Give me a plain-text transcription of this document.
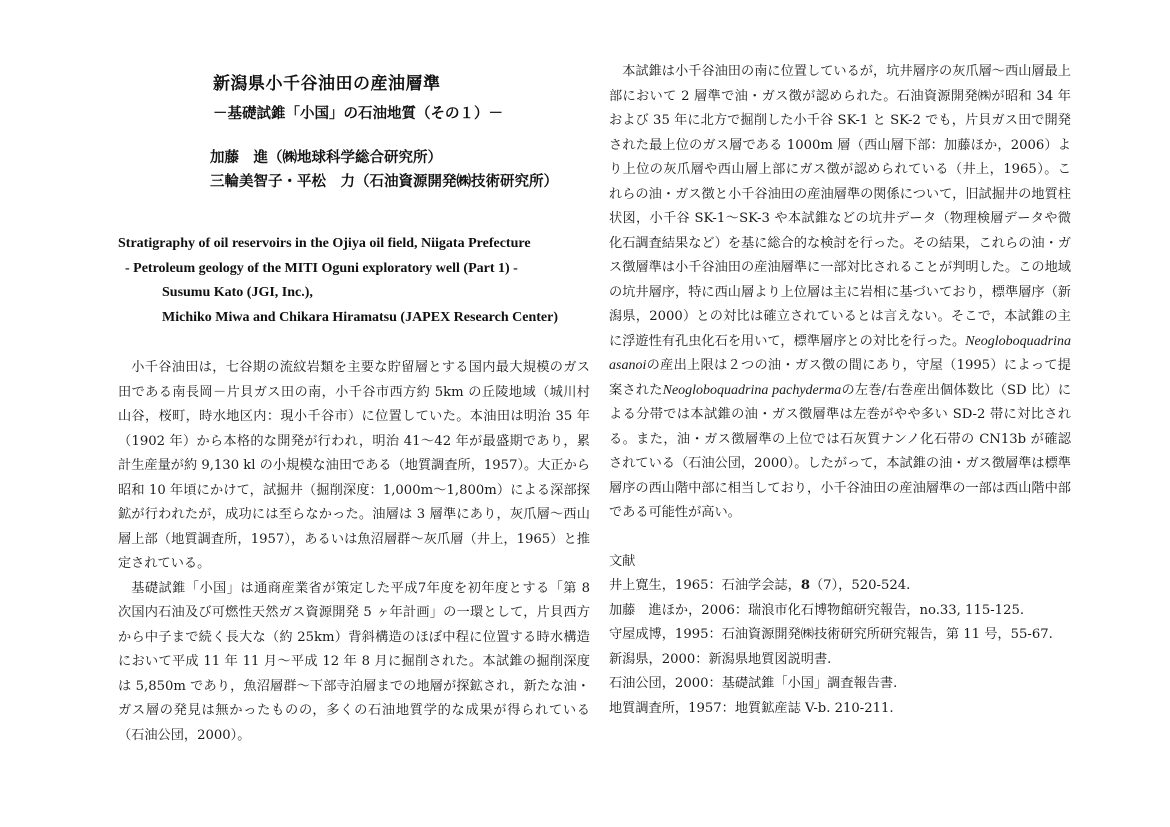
新潟県小千谷油田の産油層準
－基礎試錐「小国」の石油地質（その１）－
加藤　進（㈱地球科学総合研究所）
三輪美智子・平松　力（石油資源開発㈱技術研究所）
Stratigraphy of oil reservoirs in the Ojiya oil field, Niigata Prefecture
- Petroleum geology of the MITI Oguni exploratory well (Part 1) -
Susumu Kato (JGI, Inc.),
Michiko Miwa and Chikara Hiramatsu (JAPEX Research Center)

小千谷油田は，七谷期の流紋岩類を主要な貯留層とする国内最大規模のガス田である南長岡－片貝ガス田の南，小千谷市西方約 5km の丘陵地域（城川村山谷，桜町，時水地区内：現小千谷市）に位置していた。本油田は明治 35 年（1902 年）から本格的な開発が行われ，明治 41～42 年が最盛期であり，累計生産量が約 9,130 kl の小規模な油田である（地質調査所，1957）。大正から昭和 10 年頃にかけて，試掘井（掘削深度：1,000m～1,800m）による深部探鉱が行われたが，成功には至らなかった。油層は 3 層準にあり，灰爪層～西山層上部（地質調査所，1957），あるいは魚沼層群～灰爪層（井上，1965）と推定されている。

基礎試錐「小国」は通商産業省が策定した平成7年度を初年度とする「第 8 次国内石油及び可燃性天然ガス資源開発 5 ヶ年計画」の一環として，片貝西方から中子まで続く長大な（約 25km）背斜構造のほぼ中程に位置する時水構造において平成 11 年 11 月～平成 12 年 8 月に掘削された。本試錐の掘削深度は 5,850m であり，魚沼層群～下部寺泊層までの地層が探鉱され，新たな油・ガス層の発見は無かったものの，多くの石油地質学的な成果が得られている（石油公団，2000）。

本試錐は小千谷油田の南に位置しているが，坑井層序の灰爪層～西山層最上部において 2 層準で油・ガス徴が認められた。石油資源開発㈱が昭和 34 年および 35 年に北方で掘削した小千谷 SK-1 と SK-2 でも，片貝ガス田で開発された最上位のガス層である 1000m 層（西山層下部：加藤ほか，2006）より上位の灰爪層や西山層上部にガス徴が認められている（井上，1965）。これらの油・ガス徴と小千谷油田の産油層準の関係について，旧試掘井の地質柱状図，小千谷 SK-1～SK-3 や本試錐などの坑井データ（物理検層データや微化石調査結果など）を基に総合的な検討を行った。その結果，これらの油・ガス徴層準は小千谷油田の産油層準に一部対比されることが判明した。この地域の坑井層序，特に西山層より上位層は主に岩相に基づいており，標準層序（新潟県，2000）との対比は確立されているとは言えない。そこで，本試錐の主に浮遊性有孔虫化石を用いて，標準層序との対比を行った。Neogloboquadrina asanoiの産出上限は２つの油・ガス徴の間にあり，守屋（1995）によって提案されたNeogloboquadrina pachydermaの左巻/右巻産出個体数比（SD 比）による分帯では本試錐の油・ガス徴層準は左巻がやや多い SD-2 帯に対比される。また，油・ガス徴層準の上位では石灰質ナンノ化石帯の CN13b が確認されている（石油公団，2000）。したがって，本試錐の油・ガス徴層準は標準層序の西山階中部に相当しており，小千谷油田の産油層準の一部は西山階中部である可能性が高い。

文献
井上寛生，1965：石油学会誌，8（7），520-524.
加藤　進ほか，2006：瑞浪市化石博物館研究報告，no.33, 115-125.
守屋成博，1995：石油資源開発㈱技術研究所研究報告，第 11 号，55-67.
新潟県，2000：新潟県地質図説明書.
石油公団，2000：基礎試錐「小国」調査報告書.
地質調査所，1957：地質鉱産誌 V-b. 210-211.
